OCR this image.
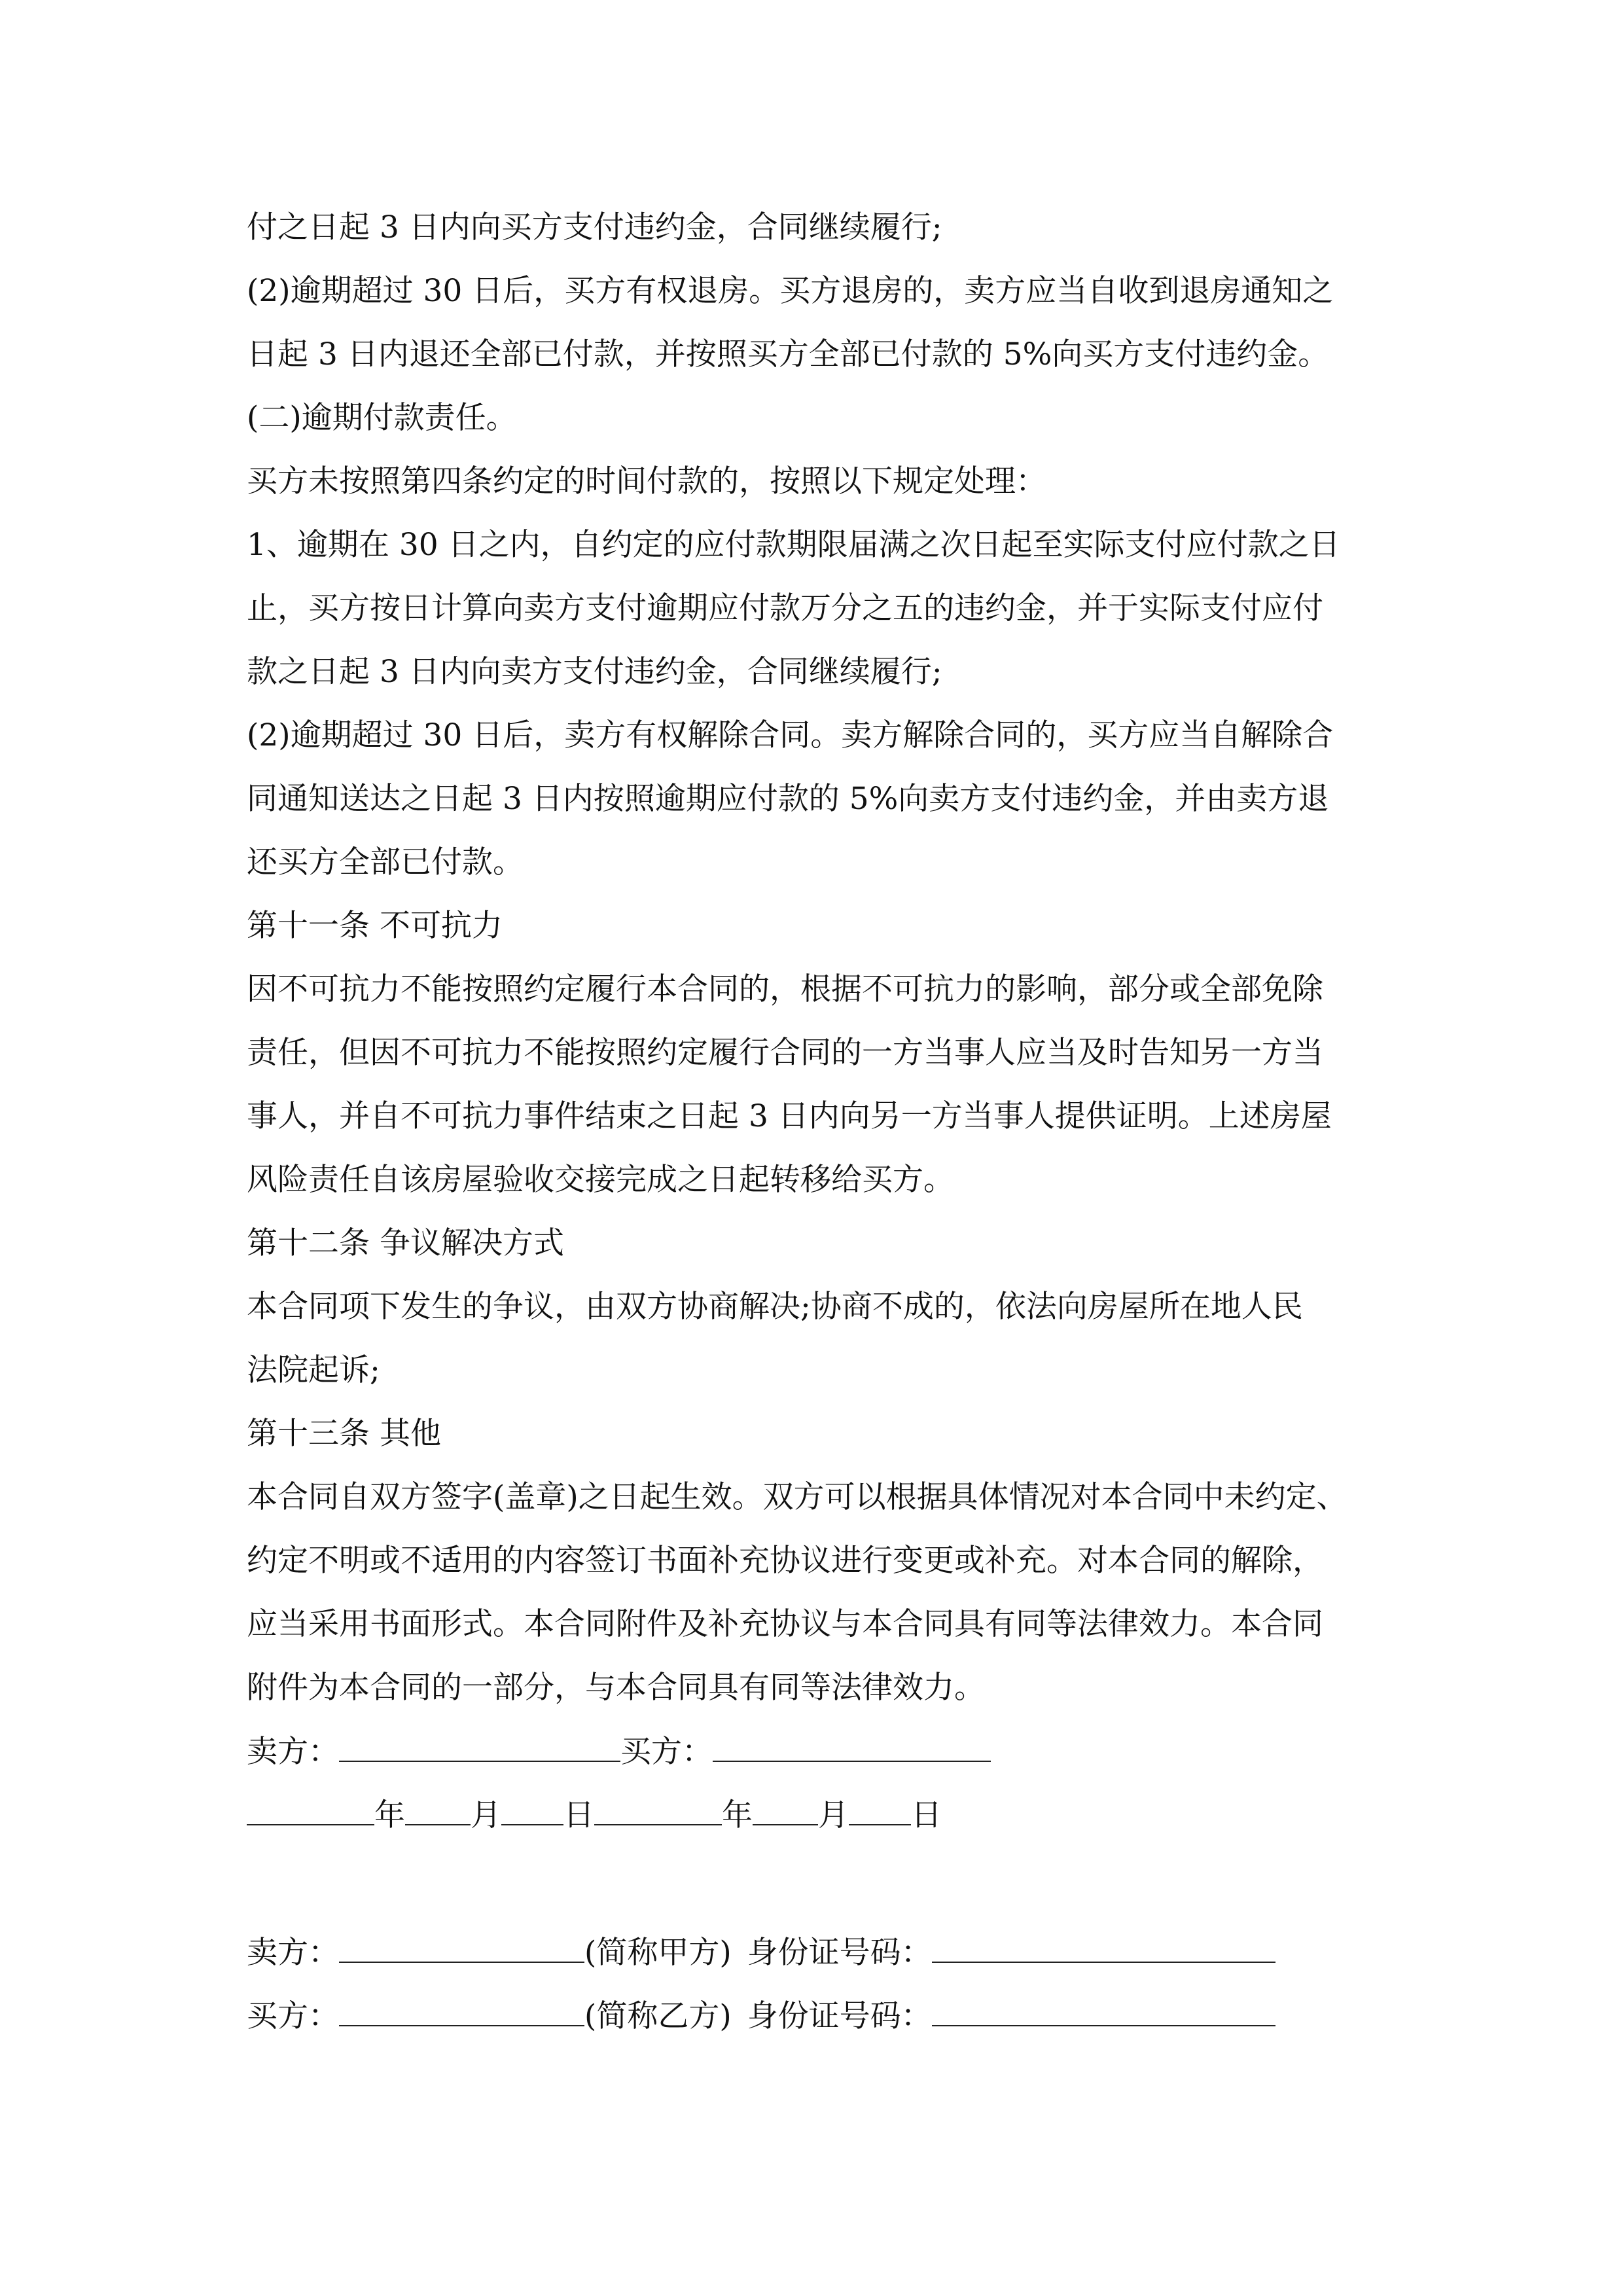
付之日起 3 日内向买方支付违约金，合同继续履行;
(2)逾期超过 30 日后，买方有权退房。买方退房的，卖方应当自收到退房通知之
日起 3 日内退还全部已付款，并按照买方全部已付款的 5%向买方支付违约金。
(二)逾期付款责任。
买方未按照第四条约定的时间付款的，按照以下规定处理：
1、逾期在 30 日之内，自约定的应付款期限届满之次日起至实际支付应付款之日
止，买方按日计算向卖方支付逾期应付款万分之五的违约金，并于实际支付应付
款之日起 3 日内向卖方支付违约金，合同继续履行;
(2)逾期超过 30 日后，卖方有权解除合同。卖方解除合同的，买方应当自解除合
同通知送达之日起 3 日内按照逾期应付款的 5%向卖方支付违约金，并由卖方退
还买方全部已付款。
第十一条 不可抗力
因不可抗力不能按照约定履行本合同的，根据不可抗力的影响，部分或全部免除
责任，但因不可抗力不能按照约定履行合同的一方当事人应当及时告知另一方当
事人，并自不可抗力事件结束之日起 3 日内向另一方当事人提供证明。上述房屋
风险责任自该房屋验收交接完成之日起转移给买方。
第十二条 争议解决方式
本合同项下发生的争议，由双方协商解决;协商不成的，依法向房屋所在地人民
法院起诉;
第十三条 其他
本合同自双方签字(盖章)之日起生效。双方可以根据具体情况对本合同中未约定、
约定不明或不适用的内容签订书面补充协议进行变更或补充。对本合同的解除，
应当采用书面形式。本合同附件及补充协议与本合同具有同等法律效力。本合同
附件为本合同的一部分，与本合同具有同等法律效力。
卖方：	买方：
年 月 日	年 月 日
卖方：	(简称甲方) 身份证号码：
买方：	(简称乙方) 身份证号码：
